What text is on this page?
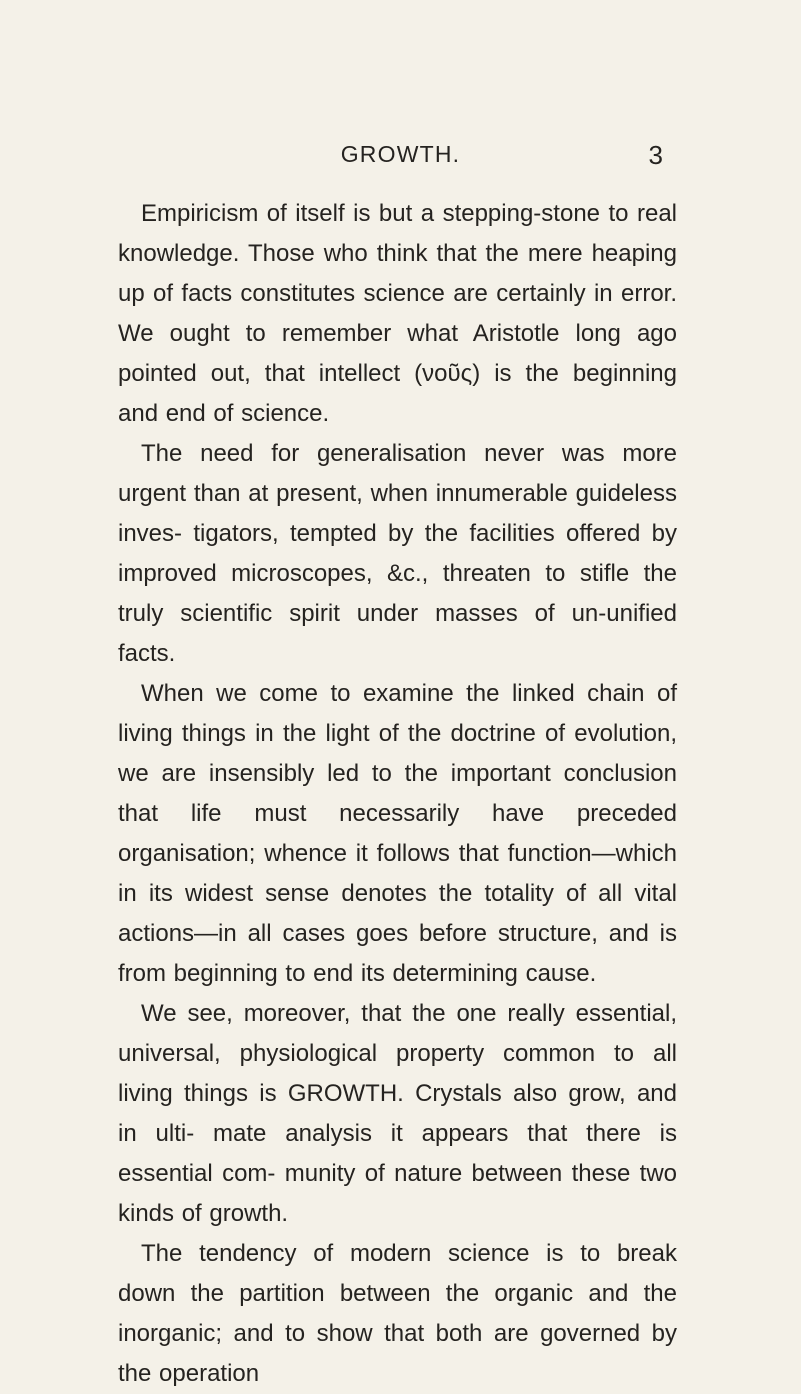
GROWTH.	3

Empiricism of itself is but a stepping-stone to real knowledge. Those who think that the mere heaping up of facts constitutes science are certainly in error. We ought to remember what Aristotle long ago pointed out, that intellect (νοῦς) is the beginning and end of science.

The need for generalisation never was more urgent than at present, when innumerable guideless inves- tigators, tempted by the facilities offered by improved microscopes, &c., threaten to stifle the truly scientific spirit under masses of un-unified facts.

When we come to examine the linked chain of living things in the light of the doctrine of evolution, we are insensibly led to the important conclusion that life must necessarily have preceded organisation; whence it follows that function—which in its widest sense denotes the totality of all vital actions—in all cases goes before structure, and is from beginning to end its determining cause.

We see, moreover, that the one really essential, universal, physiological property common to all living things is GROWTH. Crystals also grow, and in ulti- mate analysis it appears that there is essential com- munity of nature between these two kinds of growth.

The tendency of modern science is to break down the partition between the organic and the inorganic; and to show that both are governed by the operation
